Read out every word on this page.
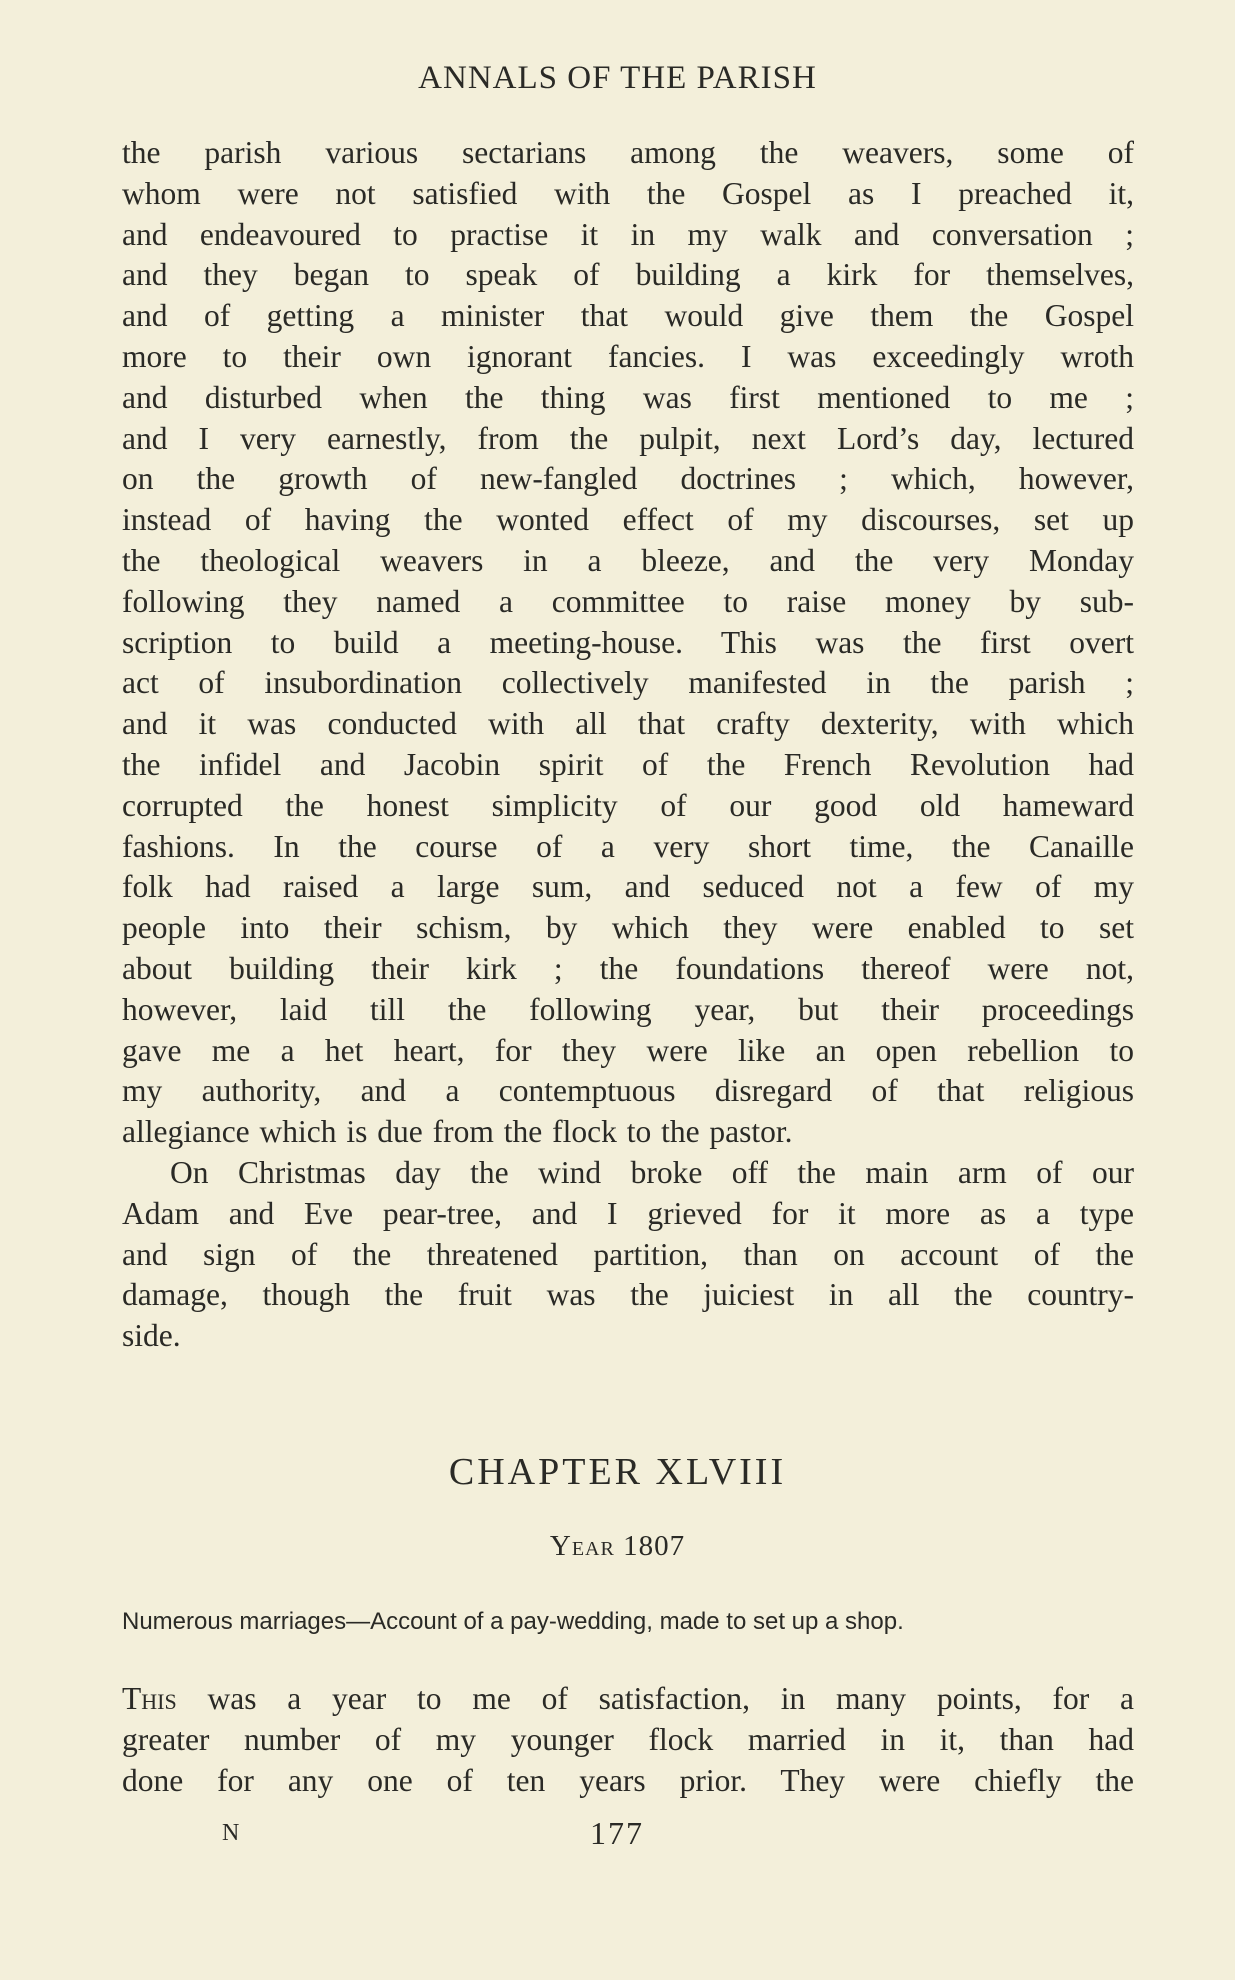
ANNALS OF THE PARISH
the parish various sectarians among the weavers, some of
whom were not satisfied with the Gospel as I preached it,
and endeavoured to practise it in my walk and conversation ;
and they began to speak of building a kirk for themselves,
and of getting a minister that would give them the Gospel
more to their own ignorant fancies. I was exceedingly wroth
and disturbed when the thing was first mentioned to me ;
and I very earnestly, from the pulpit, next Lord’s day, lectured
on the growth of new-fangled doctrines ; which, however,
instead of having the wonted effect of my discourses, set up
the theological weavers in a bleeze, and the very Monday
following they named a committee to raise money by sub-
scription to build a meeting-house. This was the first overt
act of insubordination collectively manifested in the parish ;
and it was conducted with all that crafty dexterity, with which
the infidel and Jacobin spirit of the French Revolution had
corrupted the honest simplicity of our good old hameward
fashions. In the course of a very short time, the Canaille
folk had raised a large sum, and seduced not a few of my
people into their schism, by which they were enabled to set
about building their kirk ; the foundations thereof were not,
however, laid till the following year, but their proceedings
gave me a het heart, for they were like an open rebellion to
my authority, and a contemptuous disregard of that religious
allegiance which is due from the flock to the pastor.
On Christmas day the wind broke off the main arm of our
Adam and Eve pear-tree, and I grieved for it more as a type
and sign of the threatened partition, than on account of the
damage, though the fruit was the juiciest in all the country-
side.
CHAPTER XLVIII
Year 1807
Numerous marriages—Account of a pay-wedding, made to set up a shop.
This was a year to me of satisfaction, in many points, for a
greater number of my younger flock married in it, than had
done for any one of ten years prior. They were chiefly the
N	177
